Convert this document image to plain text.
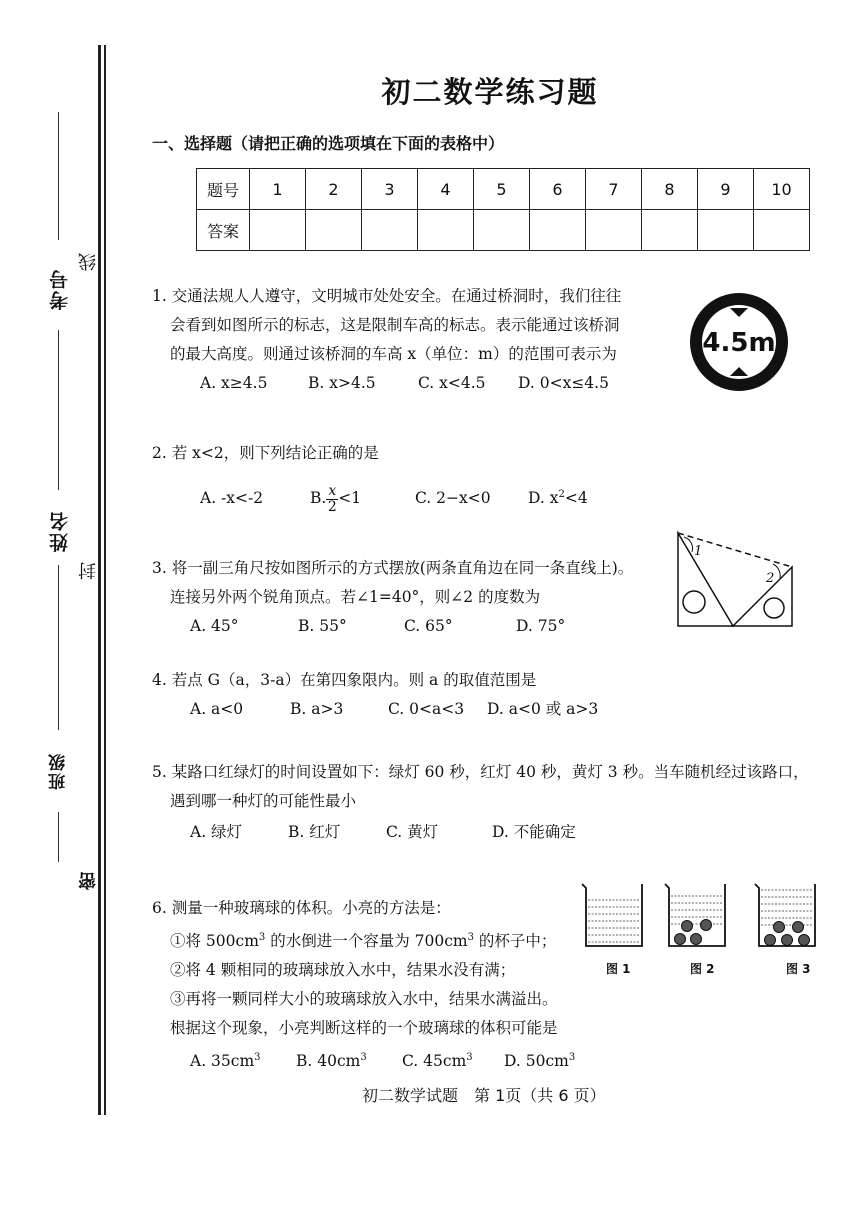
考号
姓名
班级
线
封
密
初二数学练习题
一、选择题（请把正确的选项填在下面的表格中）
题号	1	2	3	4	5	6	7	8	9	10
答案										
1. 交通法规人人遵守，文明城市处处安全。在通过桥洞时，我们往往
会看到如图所示的标志，这是限制车高的标志。表示能通过该桥洞
的最大高度。则通过该桥洞的车高 x（单位：m）的范围可表示为
A. x≥4.5	B. x>4.5	C. x<4.5 D. 0<x≤4.5
4.5m
2. 若 x<2，则下列结论正确的是
A. -x<-2	B. $\frac{x}{2} <1$	C. 2−x<0 D. $x^2<4$
3. 将一副三角尺按如图所示的方式摆放(两条直角边在同一条直线上)。
连接另外两个锐角顶点。若∠1=40°，则∠2 的度数为
A. 45°	B. 55°	C. 65°	D. 75°
1
2
4. 若点 G（a，3-a）在第四象限内。则 a 的取值范围是
A. a<0	B. a>3	C. 0<a<3 D. a<0 或 a>3
5. 某路口红绿灯的时间设置如下：绿灯 60 秒，红灯 40 秒，黄灯 3 秒。当车随机经过该路口，
遇到哪一种灯的可能性最小
A. 绿灯	B. 红灯	C. 黄灯	D. 不能确定
6. 测量一种玻璃球的体积。小亮的方法是：
①将 $500cm^3$ 的水倒进一个容量为 $700cm^3$ 的杯子中；
②将 4 颗相同的玻璃球放入水中，结果水没有满；
③再将一颗同样大小的玻璃球放入水中，结果水满溢出。
根据这个现象，小亮判断这样的一个玻璃球的体积可能是
A. $35cm^3$ B. $40cm^3$ C. $45cm^3$ D. $50cm^3$
图 1	图 2	图 3
初二数学试题　第 1页（共 6 页）
